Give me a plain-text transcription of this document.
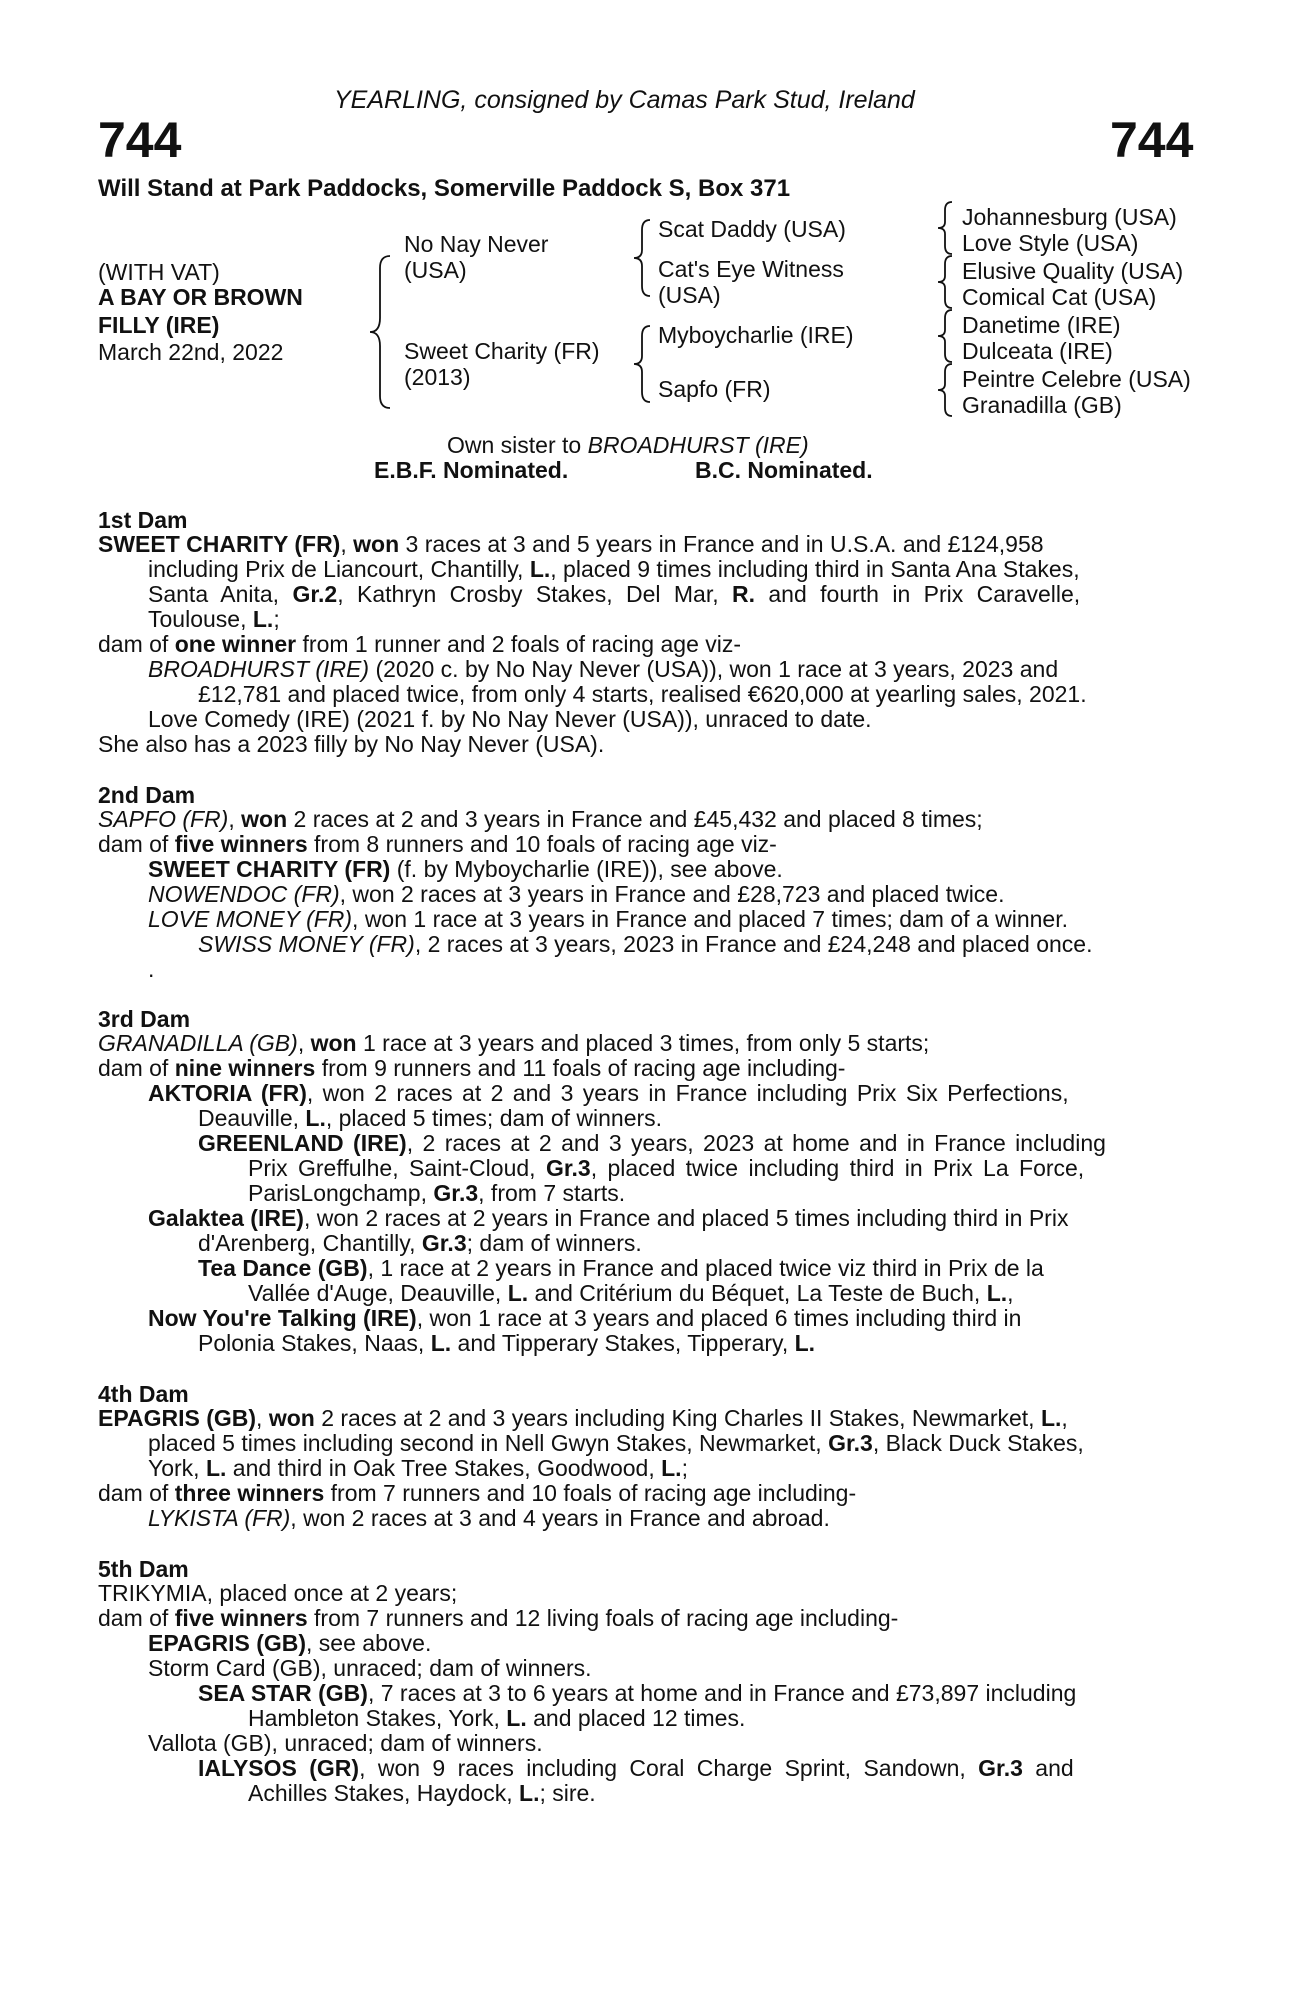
YEARLING, consigned by Camas Park Stud, Ireland
744	744
Will Stand at Park Paddocks, Somerville Paddock S, Box 371
(WITH VAT)
A BAY OR BROWN
FILLY (IRE)
March 22nd, 2022
No Nay Never
(USA)
Sweet Charity (FR)
(2013)
Scat Daddy (USA)
Cat's Eye Witness
(USA)
Myboycharlie (IRE)
Sapfo (FR)
Johannesburg (USA)
Love Style (USA)
Elusive Quality (USA)
Comical Cat (USA)
Danetime (IRE)
Dulceata (IRE)
Peintre Celebre (USA)
Granadilla (GB)
Own sister to BROADHURST (IRE)
E.B.F. Nominated.	B.C. Nominated.
1st Dam
SWEET CHARITY (FR), won 3 races at 3 and 5 years in France and in U.S.A. and £124,958
including Prix de Liancourt, Chantilly, L., placed 9 times including third in Santa Ana Stakes,
Santa Anita, Gr.2, Kathryn Crosby Stakes, Del Mar, R. and fourth in Prix Caravelle,
Toulouse, L.;
dam of one winner from 1 runner and 2 foals of racing age viz-
BROADHURST (IRE) (2020 c. by No Nay Never (USA)), won 1 race at 3 years, 2023 and
£12,781 and placed twice, from only 4 starts, realised €620,000 at yearling sales, 2021.
Love Comedy (IRE) (2021 f. by No Nay Never (USA)), unraced to date.
She also has a 2023 filly by No Nay Never (USA).
2nd Dam
SAPFO (FR), won 2 races at 2 and 3 years in France and £45,432 and placed 8 times;
dam of five winners from 8 runners and 10 foals of racing age viz-
SWEET CHARITY (FR) (f. by Myboycharlie (IRE)), see above.
NOWENDOC (FR), won 2 races at 3 years in France and £28,723 and placed twice.
LOVE MONEY (FR), won 1 race at 3 years in France and placed 7 times; dam of a winner.
SWISS MONEY (FR), 2 races at 3 years, 2023 in France and £24,248 and placed once.
.
3rd Dam
GRANADILLA (GB), won 1 race at 3 years and placed 3 times, from only 5 starts;
dam of nine winners from 9 runners and 11 foals of racing age including-
AKTORIA (FR), won 2 races at 2 and 3 years in France including Prix Six Perfections,
Deauville, L., placed 5 times; dam of winners.
GREENLAND (IRE), 2 races at 2 and 3 years, 2023 at home and in France including
Prix Greffulhe, Saint-Cloud, Gr.3, placed twice including third in Prix La Force,
ParisLongchamp, Gr.3, from 7 starts.
Galaktea (IRE), won 2 races at 2 years in France and placed 5 times including third in Prix
d'Arenberg, Chantilly, Gr.3; dam of winners.
Tea Dance (GB), 1 race at 2 years in France and placed twice viz third in Prix de la
Vallée d'Auge, Deauville, L. and Critérium du Béquet, La Teste de Buch, L.,
Now You're Talking (IRE), won 1 race at 3 years and placed 6 times including third in
Polonia Stakes, Naas, L. and Tipperary Stakes, Tipperary, L.
4th Dam
EPAGRIS (GB), won 2 races at 2 and 3 years including King Charles II Stakes, Newmarket, L.,
placed 5 times including second in Nell Gwyn Stakes, Newmarket, Gr.3, Black Duck Stakes,
York, L. and third in Oak Tree Stakes, Goodwood, L.;
dam of three winners from 7 runners and 10 foals of racing age including-
LYKISTA (FR), won 2 races at 3 and 4 years in France and abroad.
5th Dam
TRIKYMIA, placed once at 2 years;
dam of five winners from 7 runners and 12 living foals of racing age including-
EPAGRIS (GB), see above.
Storm Card (GB), unraced; dam of winners.
SEA STAR (GB), 7 races at 3 to 6 years at home and in France and £73,897 including
Hambleton Stakes, York, L. and placed 12 times.
Vallota (GB), unraced; dam of winners.
IALYSOS (GR), won 9 races including Coral Charge Sprint, Sandown, Gr.3 and
Achilles Stakes, Haydock, L.; sire.
